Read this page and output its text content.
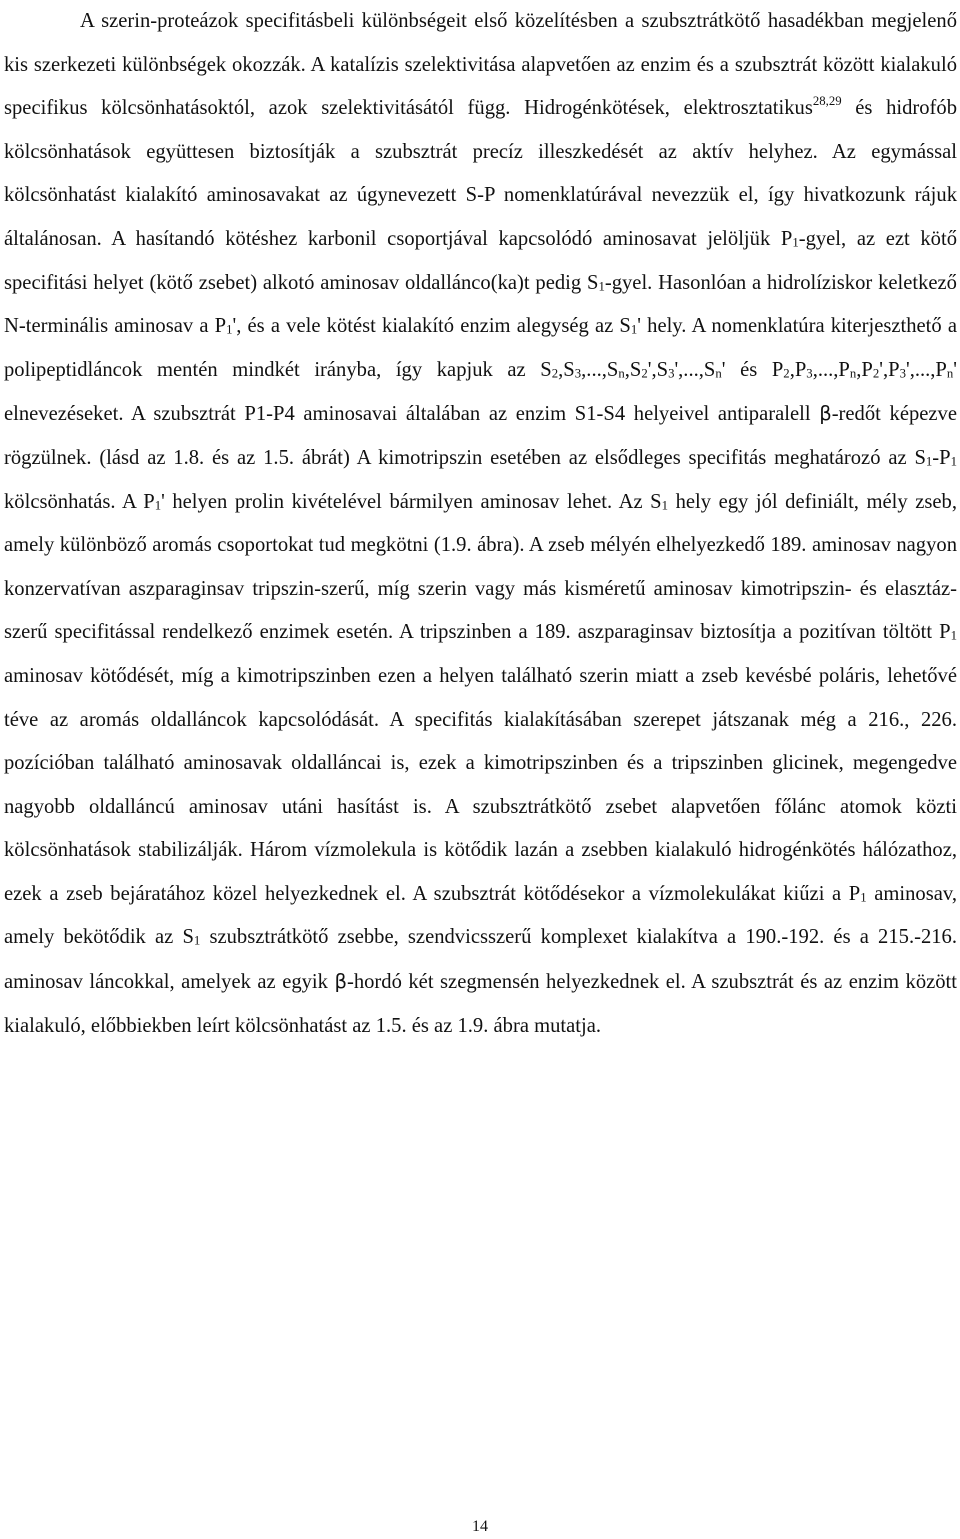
A szerin-proteázok specifitásbeli különbségeit első közelítésben a szubsztrátkötő hasadékban megjelenő kis szerkezeti különbségek okozzák. A katalízis szelektivitása alapvetően az enzim és a szubsztrát között kialakuló specifikus kölcsönhatásoktól, azok szelektivitásától függ. Hidrogénkötések, elektrosztatikus$^{28,29}$ és hidrofób kölcsönhatások együttesen biztosítják a szubsztrát precíz illeszkedését az aktív helyhez. Az egymással kölcsönhatást kialakító aminosavakat az úgynevezett S-P nomenklatúrával nevezzük el, így hivatkozunk rájuk általánosan. A hasítandó kötéshez karbonil csoportjával kapcsolódó aminosavat jelöljük $P_1$-gyel, az ezt kötő specifitási helyet (kötő zsebet) alkotó aminosav oldallánco(ka)t pedig $S_1$-gyel. Hasonlóan a hidrolíziskor keletkező N-terminális aminosav a $P_1'$, és a vele kötést kialakító enzim alegység az $S_1'$ hely. A nomenklatúra kiterjeszthető a polipeptidláncok mentén mindkét irányba, így kapjuk az $S_2,S_3,...,S_n,S_2',S_3',...,S_n'$ és $P_2,P_3,...,P_n,P_2',P_3',...,P_n'$ elnevezéseket. A szubsztrát P1-P4 aminosavai általában az enzim S1-S4 helyeivel antiparalell β-redőt képezve rögzülnek. (lásd az 1.8. és az 1.5. ábrát) A kimotripszin esetében az elsődleges specifitás meghatározó az $S_1-P_1$ kölcsönhatás. A $P_1'$ helyen prolin kivételével bármilyen aminosav lehet. Az $S_1$ hely egy jól definiált, mély zseb, amely különböző aromás csoportokat tud megkötni (1.9. ábra). A zseb mélyén elhelyezkedő 189. aminosav nagyon konzervatívan aszparaginsav tripszin-szerű, míg szerin vagy más kisméretű aminosav kimotripszin- és elasztáz-szerű specifitással rendelkező enzimek esetén. A tripszinben a 189. aszparaginsav biztosítja a pozitívan töltött $P_1$ aminosav kötődését, míg a kimotripszinben ezen a helyen található szerin miatt a zseb kevésbé poláris, lehetővé téve az aromás oldalláncok kapcsolódását. A specifitás kialakításában szerepet játszanak még a 216., 226. pozícióban található aminosavak oldalláncai is, ezek a kimotripszinben és a tripszinben glicinek, megengedve nagyobb oldalláncú aminosav utáni hasítást is. A szubsztrátkötő zsebet alapvetően főlánc atomok közti kölcsönhatások stabilizálják. Három vízmolekula is kötődik lazán a zsebben kialakuló hidrogénkötés hálózathoz, ezek a zseb bejáratához közel helyezkednek el. A szubsztrát kötődésekor a vízmolekulákat kiűzi a $P_1$ aminosav, amely bekötődik az $S_1$ szubsztrátkötő zsebbe, szendvicsszerű komplexet kialakítva a 190.-192. és a 215.-216. aminosav láncokkal, amelyek az egyik β-hordó két szegmensén helyezkednek el. A szubsztrát és az enzim között kialakuló, előbbiekben leírt kölcsönhatást az 1.5. és az 1.9. ábra mutatja.

14
